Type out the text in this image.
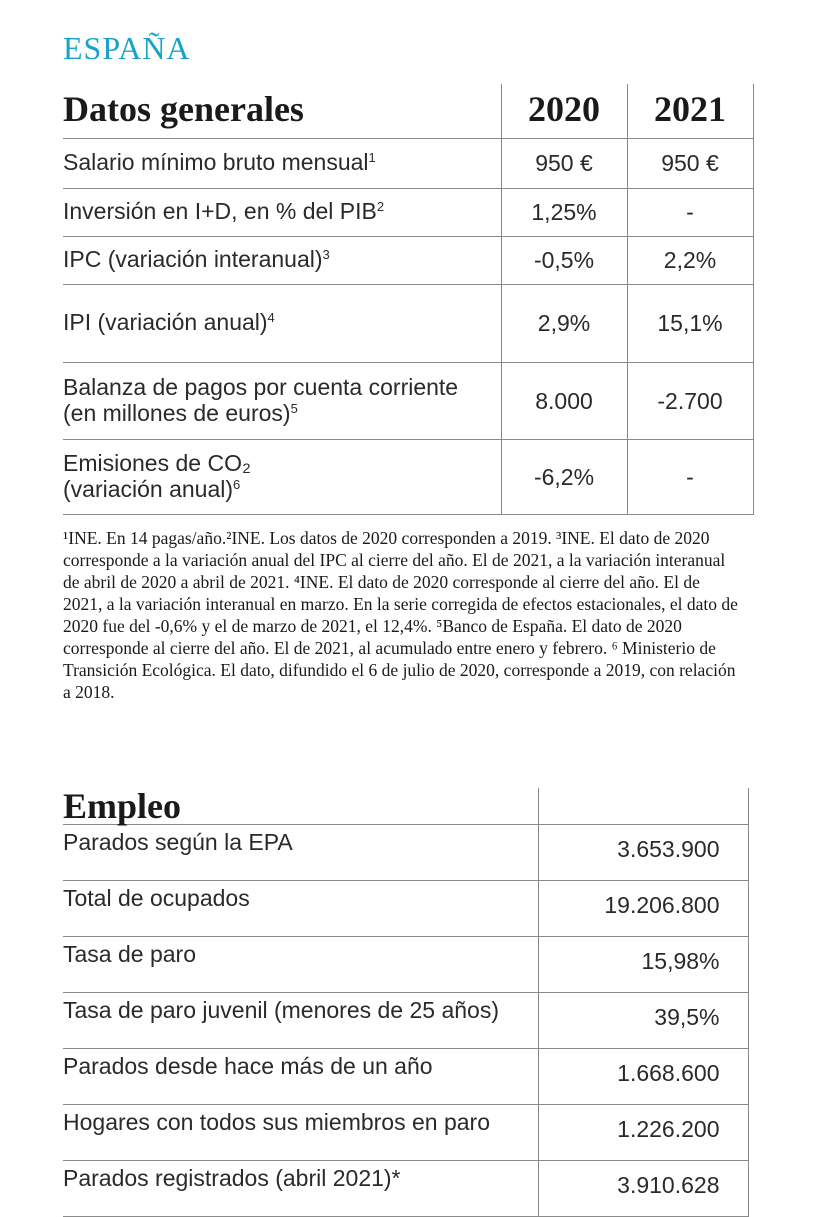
ESPAÑA
Datos generales	2020	2021
Salario mínimo bruto mensual$^1$	950 €	950 €
Inversión en I+D, en % del PIB$^2$	1,25%	-
IPC (variación interanual)$^3$	-0,5%	2,2%
IPI (variación anual)$^4$	2,9%	15,1%
Balanza de pagos por cuenta corriente
(en millones de euros)$^5$	8.000	-2.700
Emisiones de CO₂
(variación anual)$^6$	-6,2%	-
¹INE. En 14 pagas/año.²INE. Los datos de 2020 corresponden a 2019. ³INE. El dato de 2020 corresponde a la variación anual del IPC al cierre del año. El de 2021, a la variación interanual de abril de 2020 a abril de 2021. ⁴INE. El dato de 2020 corresponde al cierre del año. El de 2021, a la variación interanual en marzo. En la serie corregida de efectos estacionales, el dato de 2020 fue del -0,6% y el de marzo de 2021, el 12,4%. ⁵Banco de España. El dato de 2020 corresponde al cierre del año. El de 2021, al acumulado entre enero y febrero. ⁶ Ministerio de Transición Ecológica. El dato, difundido el 6 de julio de 2020, corresponde a 2019, con relación a 2018.
Empleo	
Parados según la EPA	3.653.900
Total de ocupados	19.206.800
Tasa de paro	15,98%
Tasa de paro juvenil (menores de 25 años)	39,5%
Parados desde hace más de un año	1.668.600
Hogares con todos sus miembros en paro	1.226.200
Parados registrados (abril 2021)*	3.910.628
